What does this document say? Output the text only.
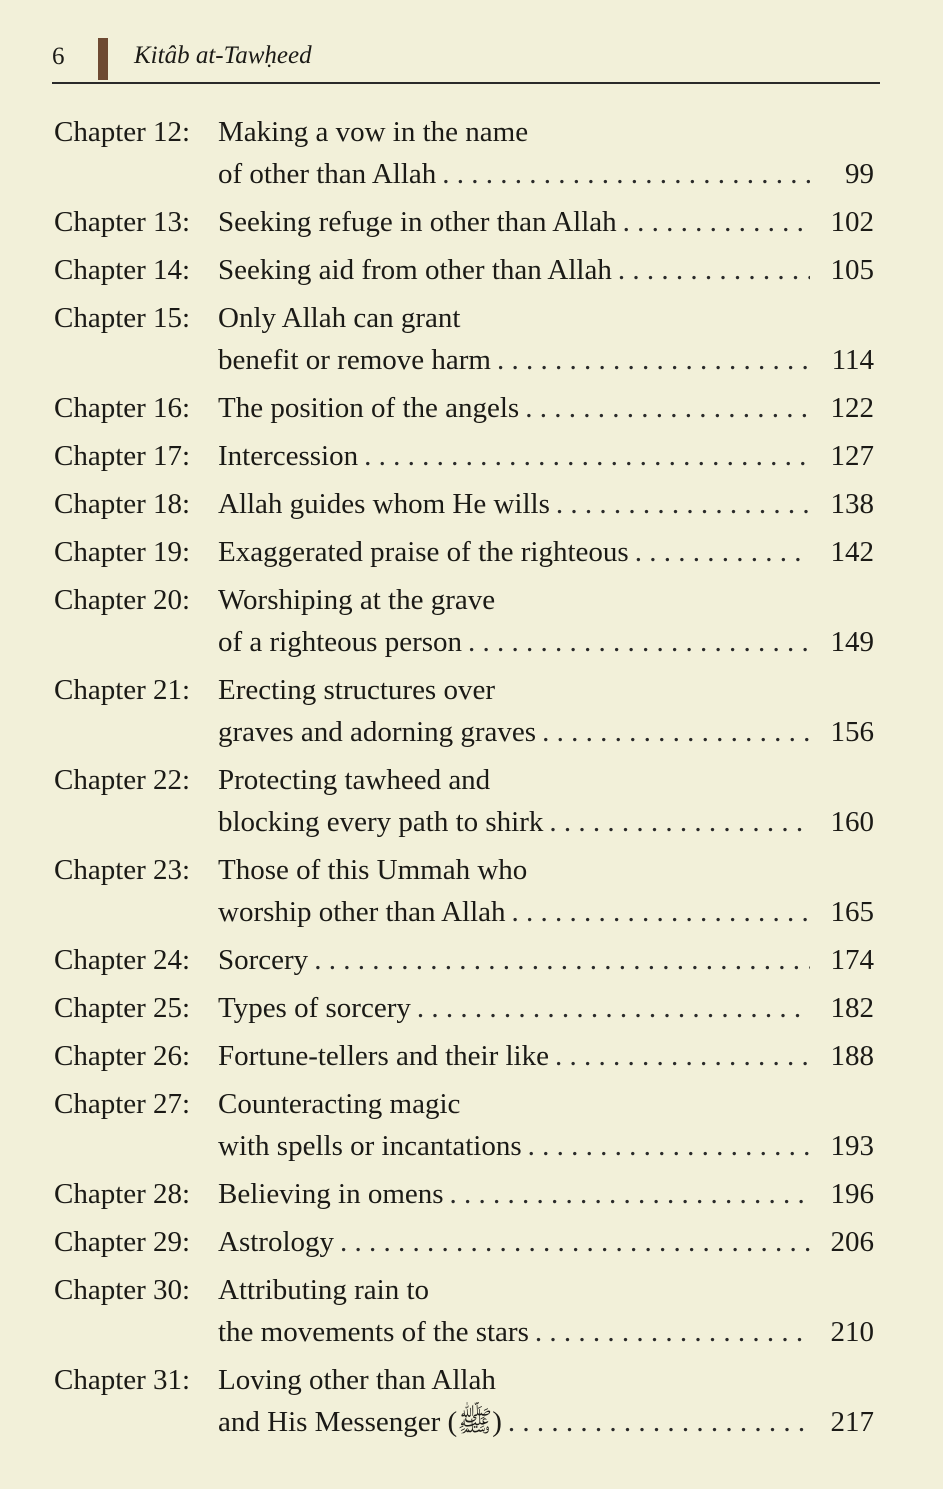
6	Kitâb at-Tawḥeed
Chapter 12: Making a vow in the name
of other than Allah . . .	99
Chapter 13: Seeking refuge in other than Allah . . .	102
Chapter 14: Seeking aid from other than Allah . . .	105
Chapter 15: Only Allah can grant
benefit or remove harm . . .	114
Chapter 16: The position of the angels . . .	122
Chapter 17: Intercession . . .	127
Chapter 18: Allah guides whom He wills . . .	138
Chapter 19: Exaggerated praise of the righteous . . .	142
Chapter 20: Worshiping at the grave
of a righteous person . . .	149
Chapter 21: Erecting structures over
graves and adorning graves . . .	156
Chapter 22: Protecting tawheed and
blocking every path to shirk . . .	160
Chapter 23: Those of this Ummah who
worship other than Allah . . .	165
Chapter 24: Sorcery . . .	174
Chapter 25: Types of sorcery . . .	182
Chapter 26: Fortune-tellers and their like . . .	188
Chapter 27: Counteracting magic
with spells or incantations . . .	193
Chapter 28: Believing in omens . . .	196
Chapter 29: Astrology . . .	206
Chapter 30: Attributing rain to
the movements of the stars . . .	210
Chapter 31: Loving other than Allah
and His Messenger (ﷺ) . . .	217
